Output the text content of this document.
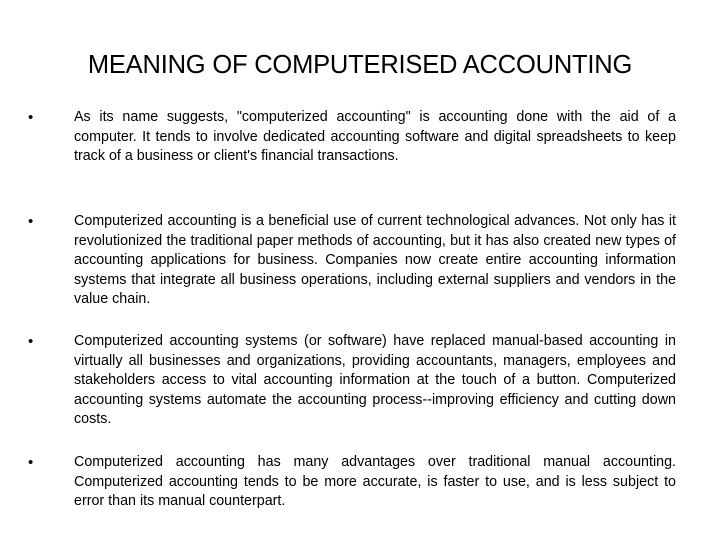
MEANING OF COMPUTERISED ACCOUNTING
•	As its name suggests, "computerized accounting" is accounting done with the aid of a computer. It tends to involve dedicated accounting software and digital spreadsheets to keep track of a business or client's financial transactions.
•	Computerized accounting is a beneficial use of current technological advances. Not only has it revolutionized the traditional paper methods of accounting, but it has also created new types of accounting applications for business. Companies now create entire accounting information systems that integrate all business operations, including external suppliers and vendors in the value chain.
•	Computerized accounting systems (or software) have replaced manual-based accounting in virtually all businesses and organizations, providing accountants, managers, employees and stakeholders access to vital accounting information at the touch of a button. Computerized accounting systems automate the accounting process--improving efficiency and cutting down costs.
•	Computerized accounting has many advantages over traditional manual accounting. Computerized accounting tends to be more accurate, is faster to use, and is less subject to error than its manual counterpart.
